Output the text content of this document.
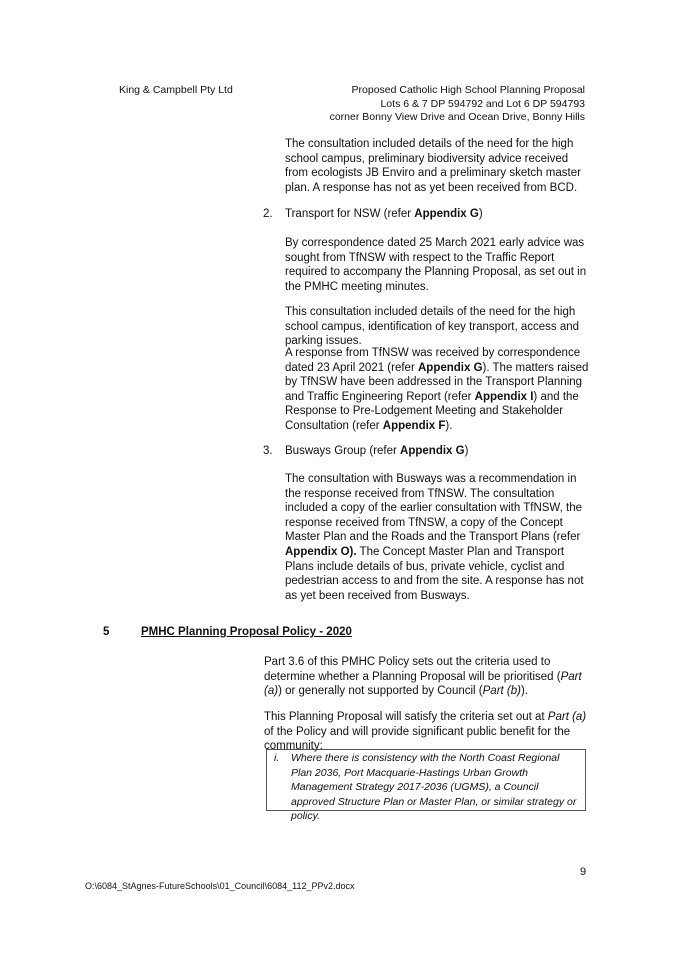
King & Campbell Pty Ltd	Proposed Catholic High School Planning Proposal
Lots 6 & 7 DP 594792 and Lot 6 DP 594793
corner Bonny View Drive and Ocean Drive, Bonny Hills
The consultation included details of the need for the high school campus, preliminary biodiversity advice received from ecologists JB Enviro and a preliminary sketch master plan. A response has not as yet been received from BCD.
2. Transport for NSW (refer Appendix G)
By correspondence dated 25 March 2021 early advice was sought from TfNSW with respect to the Traffic Report required to accompany the Planning Proposal, as set out in the PMHC meeting minutes.
This consultation included details of the need for the high school campus, identification of key transport, access and parking issues.
A response from TfNSW was received by correspondence dated 23 April 2021 (refer Appendix G). The matters raised by TfNSW have been addressed in the Transport Planning and Traffic Engineering Report (refer Appendix I) and the Response to Pre-Lodgement Meeting and Stakeholder Consultation (refer Appendix F).
3. Busways Group (refer Appendix G)
The consultation with Busways was a recommendation in the response received from TfNSW. The consultation included a copy of the earlier consultation with TfNSW, the response received from TfNSW, a copy of the Concept Master Plan and the Roads and the Transport Plans (refer Appendix O). The Concept Master Plan and Transport Plans include details of bus, private vehicle, cyclist and pedestrian access to and from the site. A response has not as yet been received from Busways.
5	PMHC Planning Proposal Policy - 2020
Part 3.6 of this PMHC Policy sets out the criteria used to determine whether a Planning Proposal will be prioritised (Part (a)) or generally not supported by Council (Part (b)).
This Planning Proposal will satisfy the criteria set out at Part (a) of the Policy and will provide significant public benefit for the community:
i. Where there is consistency with the North Coast Regional Plan 2036, Port Macquarie-Hastings Urban Growth Management Strategy 2017-2036 (UGMS), a Council approved Structure Plan or Master Plan, or similar strategy or policy.
9
O:\6084_StAgnes-FutureSchools\01_Council\6084_112_PPv2.docx
